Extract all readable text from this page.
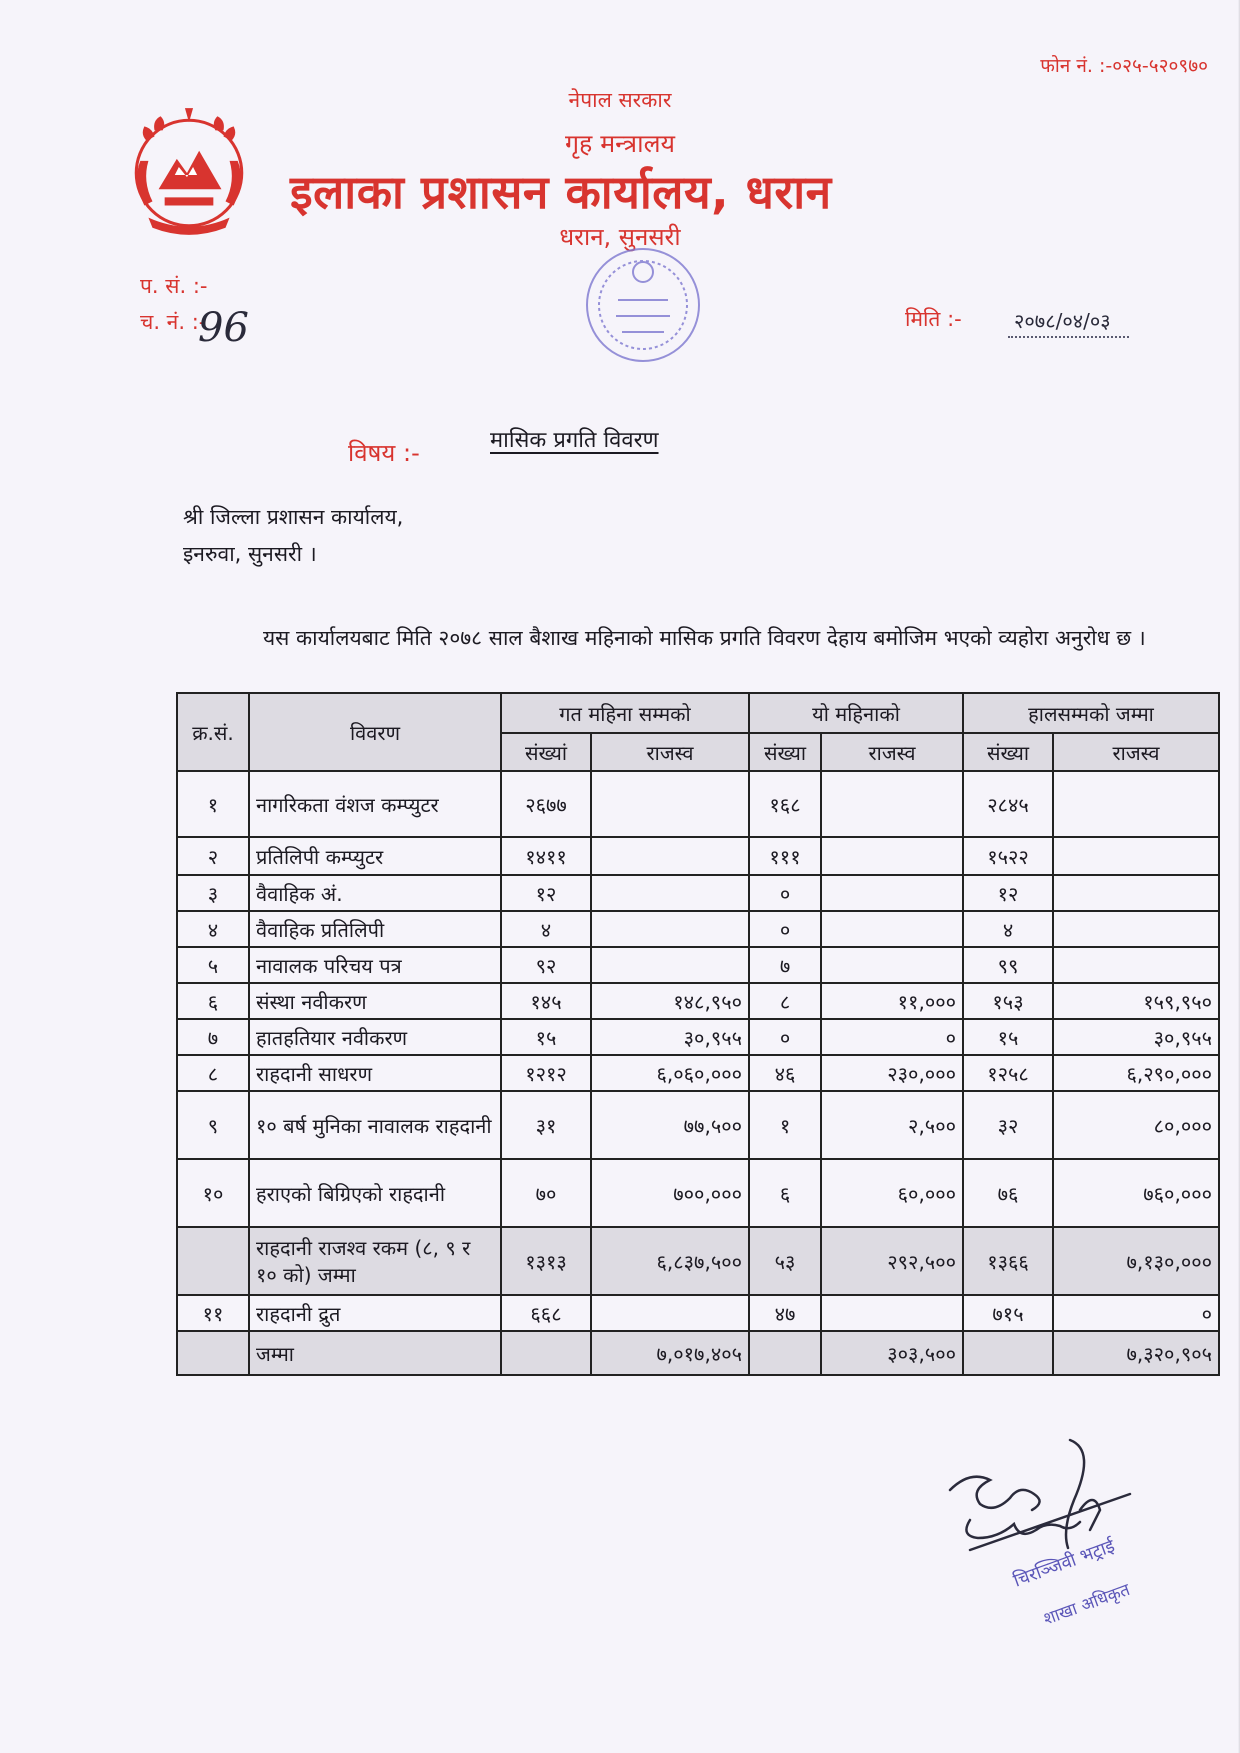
फोन नं. :-०२५-५२०९७०
नेपाल सरकार
गृह मन्त्रालय
इलाका प्रशासन कार्यालय, धरान
धरान, सुनसरी
प. सं. :-
च. नं. :-
96	मिति :-	२०७८/०४/०३
विषय :-	मासिक प्रगति विवरण
श्री जिल्ला प्रशासन कार्यालय,
इनरुवा, सुनसरी ।
यस कार्यालयबाट मिति २०७८ साल बैशाख महिनाको मासिक प्रगति विवरण देहाय बमोजिम भएको व्यहोरा अनुरोध छ ।
क्र.सं.	विवरण	गत महिना सम्मको		यो महिनाको		हालसम्मको जम्मा	
		संख्यां	राजस्व	संख्या	राजस्व	संख्या	राजस्व
१	नागरिकता वंशज कम्प्युटर	२६७७		१६८		२८४५	
२	प्रतिलिपी कम्प्युटर	१४११		१११		१५२२	
३	वैवाहिक अं.	१२		०		१२	
४	वैवाहिक प्रतिलिपी	४		०		४	
५	नावालक परिचय पत्र	९२		७		९९	
६	संस्था नवीकरण	१४५	१४८,९५०	८	११,०००	१५३	१५९,९५०
७	हातहतियार नवीकरण	१५	३०,९५५	०	०	१५	३०,९५५
८	राहदानी साधरण	१२१२	६,०६०,०००	४६	२३०,०००	१२५८	६,२९०,०००
९	१० बर्ष मुनिका नावालक राहदानी	३१	७७,५००	१	२,५००	३२	८०,०००
१०	हराएको बिग्रिएको राहदानी	७०	७००,०००	६	६०,०००	७६	७६०,०००
	राहदानी राजश्व रकम (८, ९ र १० को) जम्मा	१३१३	६,८३७,५००	५३	२९२,५००	१३६६	७,१३०,०००
११	राहदानी द्रुत	६६८		४७		७१५	०
	जम्मा		७,०१७,४०५		३०३,५००		७,३२०,९०५
चिरञ्जिवी भट्राई
शाखा अधिकृत
